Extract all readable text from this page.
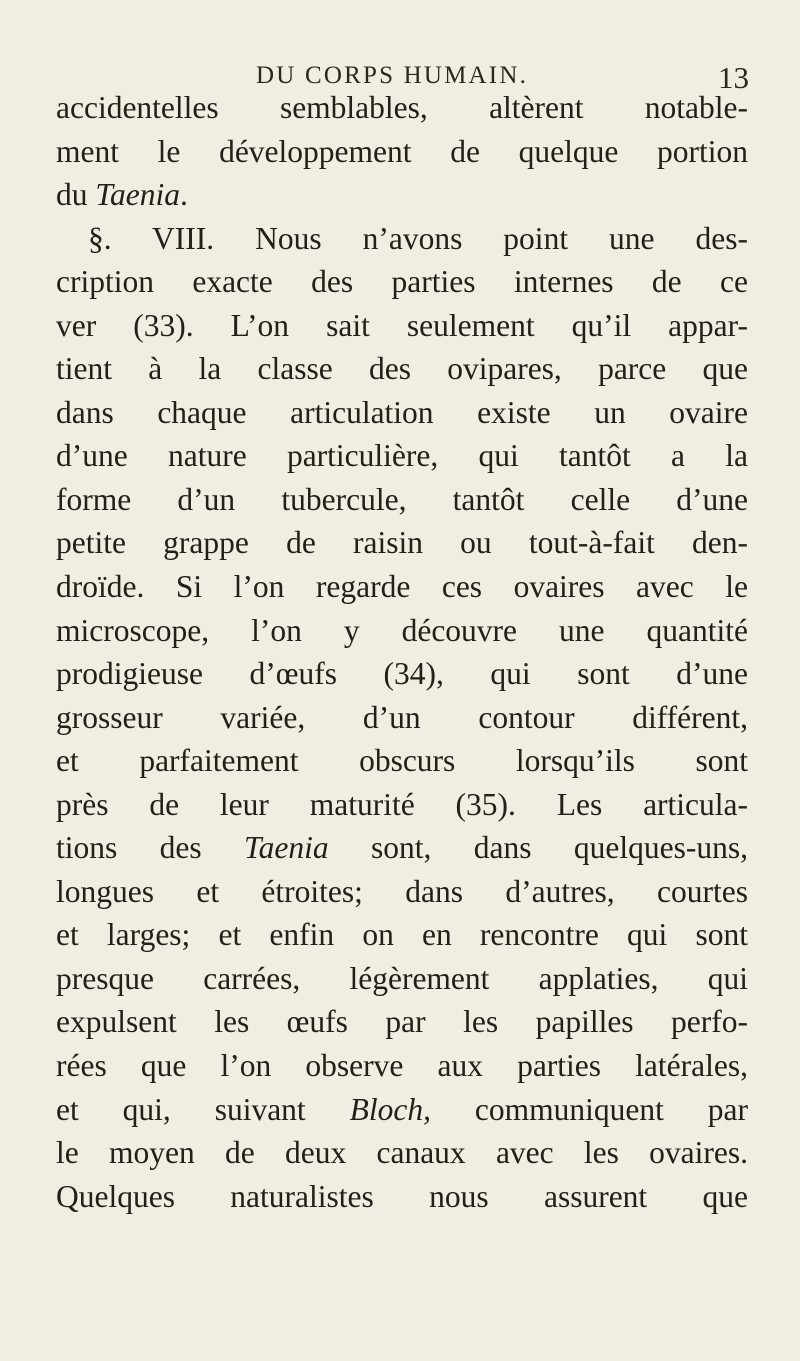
DU CORPS HUMAIN.	13
accidentelles semblables, altèrent notable-
ment le développement de quelque portion
du Taenia.
§. VIII. Nous n’avons point une des-
cription exacte des parties internes de ce
ver (33). L’on sait seulement qu’il appar-
tient à la classe des ovipares, parce que
dans chaque articulation existe un ovaire
d’une nature particulière, qui tantôt a la
forme d’un tubercule, tantôt celle d’une
petite grappe de raisin ou tout-à-fait den-
droïde. Si l’on regarde ces ovaires avec le
microscope, l’on y découvre une quantité
prodigieuse d’œufs (34), qui sont d’une
grosseur variée, d’un contour différent,
et parfaitement obscurs lorsqu’ils sont
près de leur maturité (35). Les articula-
tions des Taenia sont, dans quelques-uns,
longues et étroites; dans d’autres, courtes
et larges; et enfin on en rencontre qui sont
presque carrées, légèrement applaties, qui
expulsent les œufs par les papilles perfo-
rées que l’on observe aux parties latérales,
et qui, suivant Bloch, communiquent par
le moyen de deux canaux avec les ovaires.
Quelques naturalistes nous assurent que
